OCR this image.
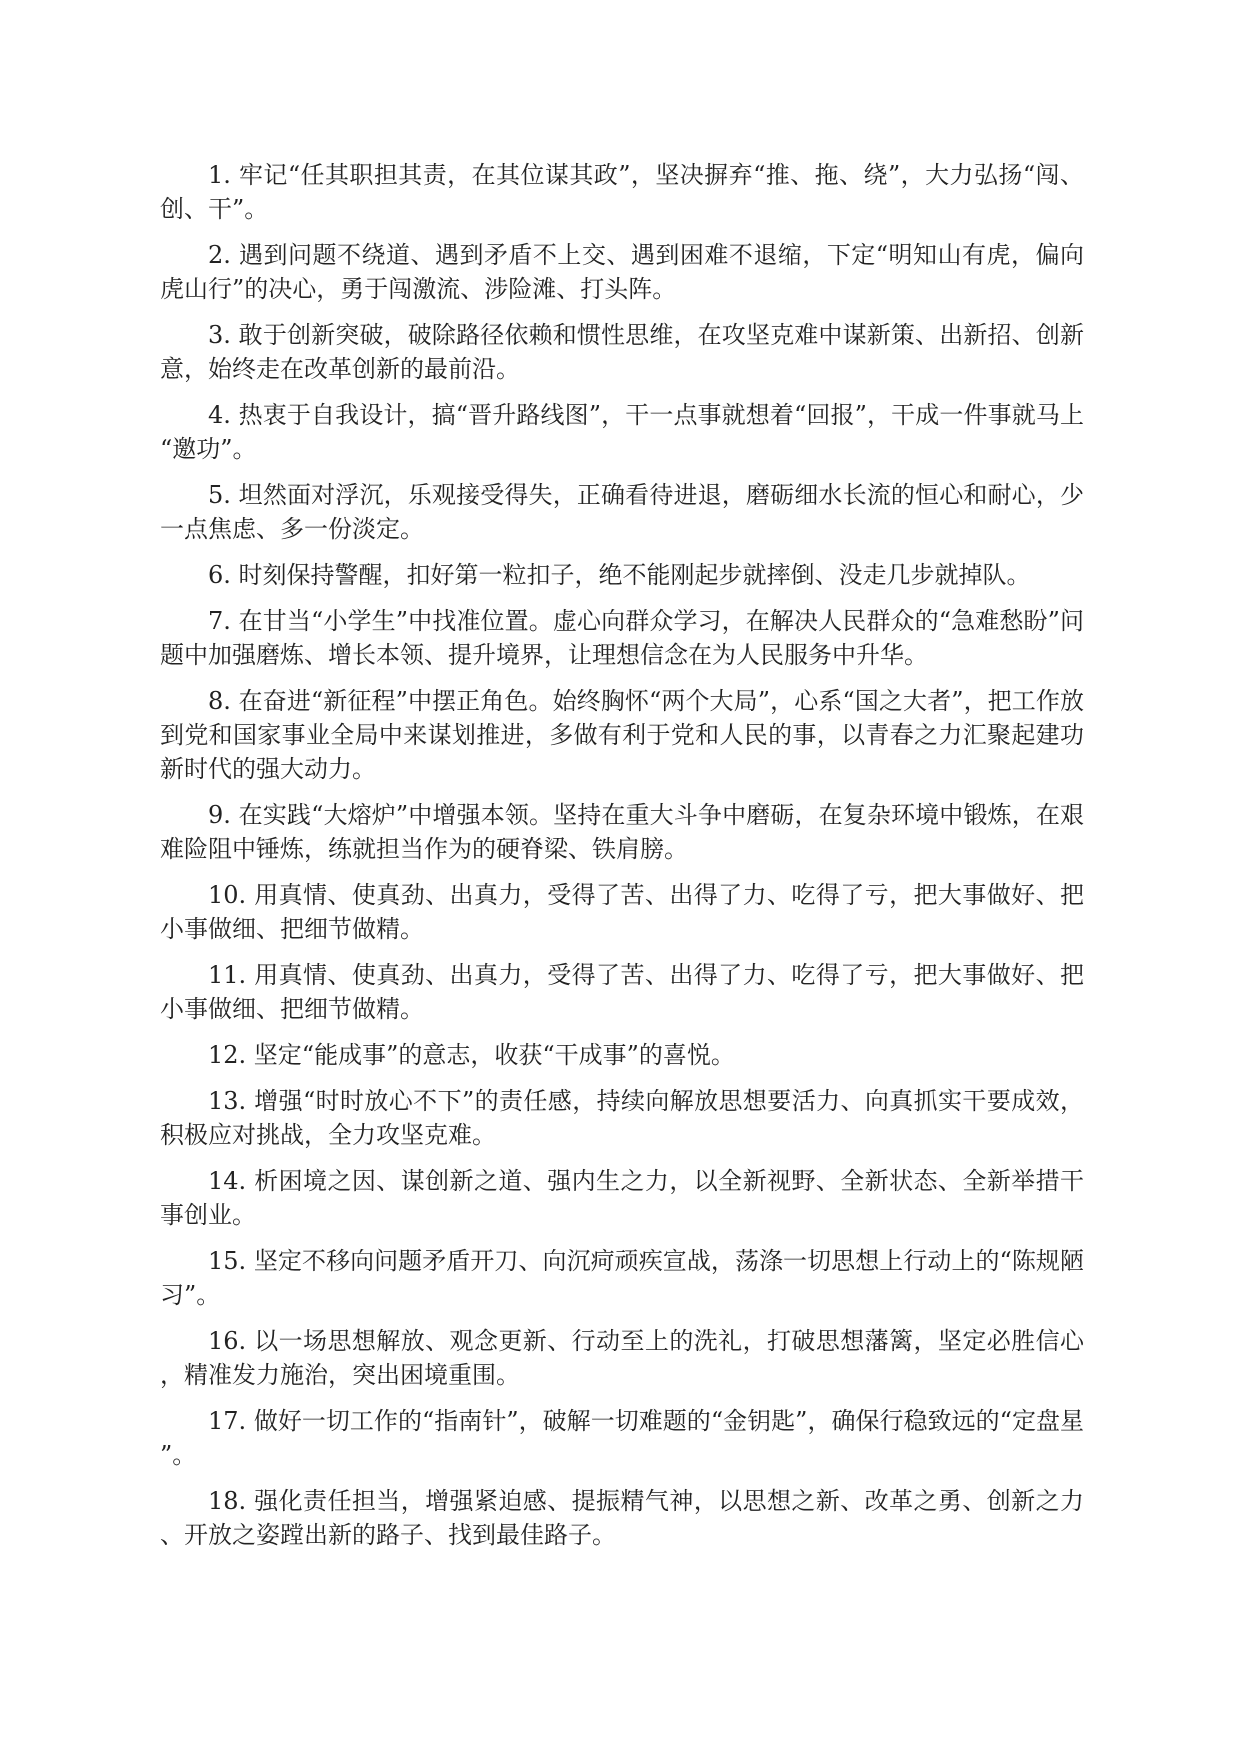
1. 牢记“任其职担其责，在其位谋其政”，坚决摒弃“推、拖、绕”，大力弘扬“闯、创、干”。

2. 遇到问题不绕道、遇到矛盾不上交、遇到困难不退缩，下定“明知山有虎，偏向虎山行”的决心，勇于闯激流、涉险滩、打头阵。

3. 敢于创新突破，破除路径依赖和惯性思维，在攻坚克难中谋新策、出新招、创新意，始终走在改革创新的最前沿。

4. 热衷于自我设计，搞“晋升路线图”，干一点事就想着“回报”，干成一件事就马上“邀功”。

5. 坦然面对浮沉，乐观接受得失，正确看待进退，磨砺细水长流的恒心和耐心，少一点焦虑、多一份淡定。

6. 时刻保持警醒，扣好第一粒扣子，绝不能刚起步就摔倒、没走几步就掉队。

7. 在甘当“小学生”中找准位置。虚心向群众学习，在解决人民群众的“急难愁盼”问题中加强磨炼、增长本领、提升境界，让理想信念在为人民服务中升华。

8. 在奋进“新征程”中摆正角色。始终胸怀“两个大局”，心系“国之大者”，把工作放到党和国家事业全局中来谋划推进，多做有利于党和人民的事，以青春之力汇聚起建功新时代的强大动力。

9. 在实践“大熔炉”中增强本领。坚持在重大斗争中磨砺，在复杂环境中锻炼，在艰难险阻中锤炼，练就担当作为的硬脊梁、铁肩膀。

10. 用真情、使真劲、出真力，受得了苦、出得了力、吃得了亏，把大事做好、把小事做细、把细节做精。

11. 用真情、使真劲、出真力，受得了苦、出得了力、吃得了亏，把大事做好、把小事做细、把细节做精。

12. 坚定“能成事”的意志，收获“干成事”的喜悦。

13. 增强“时时放心不下”的责任感，持续向解放思想要活力、向真抓实干要成效，积极应对挑战，全力攻坚克难。

14. 析困境之因、谋创新之道、强内生之力，以全新视野、全新状态、全新举措干事创业。

15. 坚定不移向问题矛盾开刀、向沉疴顽疾宣战，荡涤一切思想上行动上的“陈规陋习”。

16. 以一场思想解放、观念更新、行动至上的洗礼，打破思想藩篱，坚定必胜信心，精准发力施治，突出困境重围。

17. 做好一切工作的“指南针”，破解一切难题的“金钥匙”，确保行稳致远的“定盘星”。

18. 强化责任担当，增强紧迫感、提振精气神，以思想之新、改革之勇、创新之力、开放之姿蹚出新的路子、找到最佳路子。
